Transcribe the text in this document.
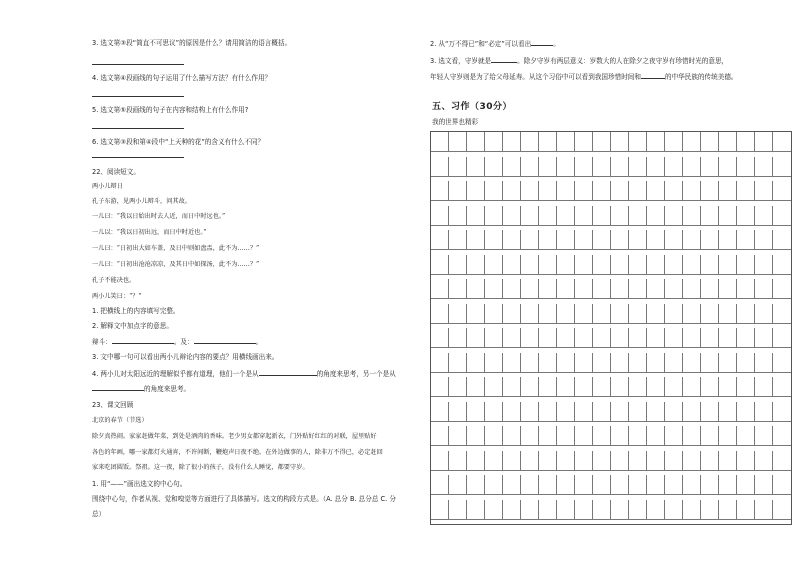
3. 选文第③段“简直不可思议”的原因是什么？请用简洁的语言概括。
4. 选文第④段画线的句子运用了什么描写方法？有什么作用？
5. 选文第⑤段画线的句子在内容和结构上有什么作用?
6. 选文第③段和第④段中“上天种的花”的含义有什么不同？
22、阅读短文。
两小儿辩日
孔子东游，见两小儿辩斗，问其故。
一儿曰：“我以日始出时去人近，而日中时远也。”
一儿以：“我以日初出远，而日中时近也。”
一儿曰：“日初出大如车盖，及日中则如盘盂，此不为……？”
一儿曰：“日初出沧沧凉凉，及其日中如探汤，此不为……？”
孔子不能决也。
两小儿笑曰：“？”
1. 把横线上的内容填写完整。
2. 解释文中加点字的意思。
辩斗：	。及：	。
3. 文中哪一句可以看出两小儿辩论内容的要点？用横线画出来。
4. 两小儿对太阳远近的理解似乎都有道理，他们一个是从	的角度来思考，另一个是从
的角度来思考。
23、课文回顾
北京的春节（节选）
除夕真热闹。家家赶做年菜，到处是酒肉的香味。老少男女都穿起新衣，门外贴好红红的对联，屋里贴好
各色的年画，哪一家都灯火通宵，不许间断，鞭炮声日夜不绝。在外边做事的人，除非万不得已，必定赶回
家来吃团圆饭。祭祖。这一夜，除了很小的孩子，没有什么人睡觉，都要守岁。
1. 用“——”画出选文的中心句。
围绕中心句，作者从视、觉和嗅觉等方面进行了具体描写。选文的构段方式是。（A. 总分 B. 总分总 C. 分
总）
2. 从“万不得已”和“必定”可以看出	。
3. 选文看，守岁就是	。除夕守岁有两层意义：岁数大的人在除夕之夜守岁有珍惜时光的意思，
年轻人守岁则是为了给父母延寿。从这个习俗中可以看到我国珍惜时间和	的中华民族的传统美德。
五、习作（30分）
我的世界也精彩
